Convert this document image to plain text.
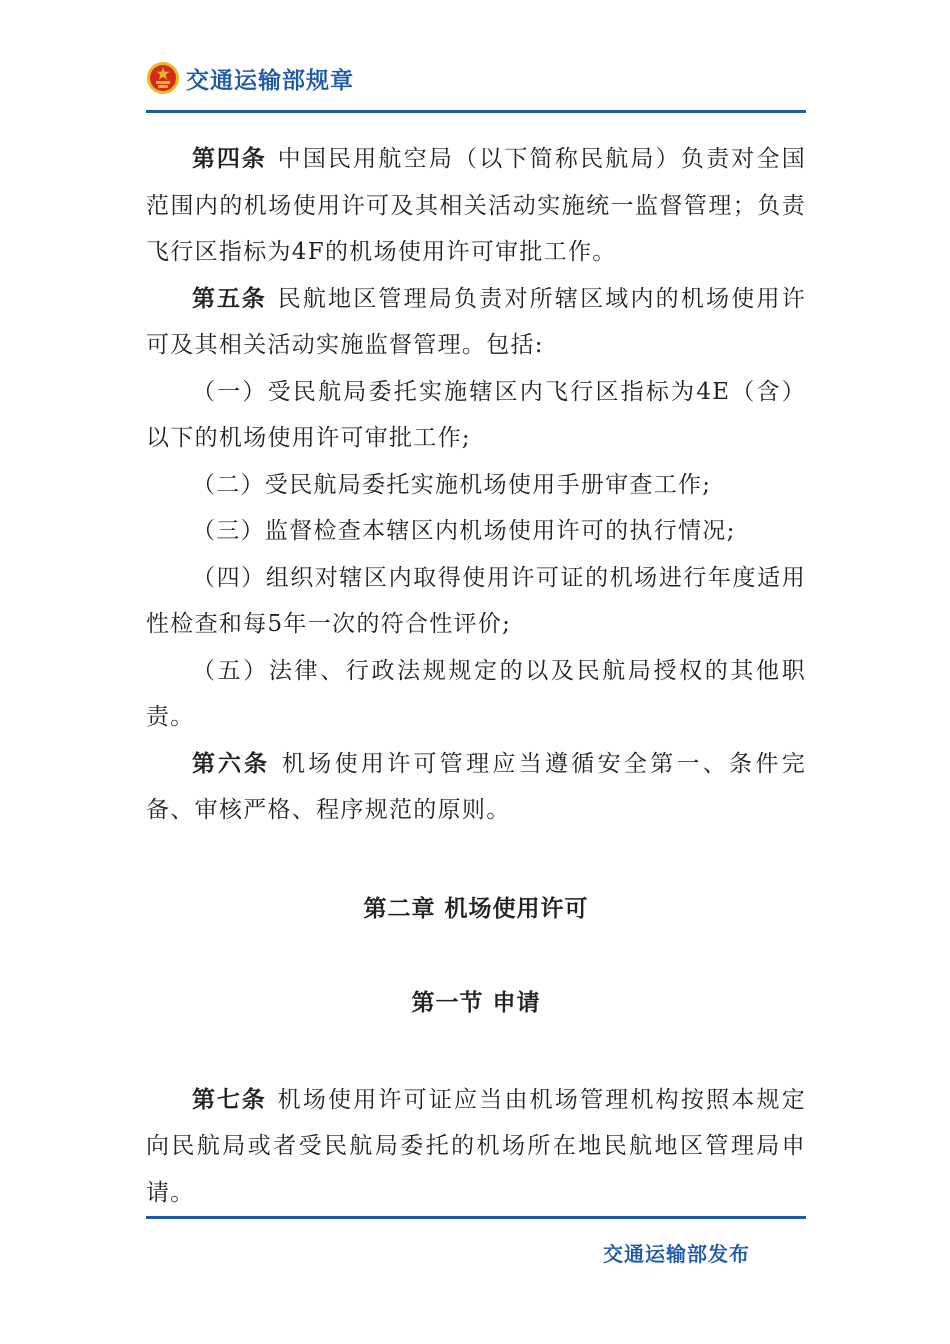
交通运输部规章

第四条 中国民用航空局（以下简称民航局）负责对全国范围内的机场使用许可及其相关活动实施统一监督管理；负责飞行区指标为4F的机场使用许可审批工作。

第五条 民航地区管理局负责对所辖区域内的机场使用许可及其相关活动实施监督管理。包括:

（一）受民航局委托实施辖区内飞行区指标为4E（含）以下的机场使用许可审批工作;

（二）受民航局委托实施机场使用手册审查工作;

（三）监督检查本辖区内机场使用许可的执行情况;

（四）组织对辖区内取得使用许可证的机场进行年度适用性检查和每5年一次的符合性评价;

（五）法律、行政法规规定的以及民航局授权的其他职责。

第六条 机场使用许可管理应当遵循安全第一、条件完备、审核严格、程序规范的原则。

第二章 机场使用许可

第一节 申请

第七条 机场使用许可证应当由机场管理机构按照本规定向民航局或者受民航局委托的机场所在地民航地区管理局申请。

交通运输部发布
